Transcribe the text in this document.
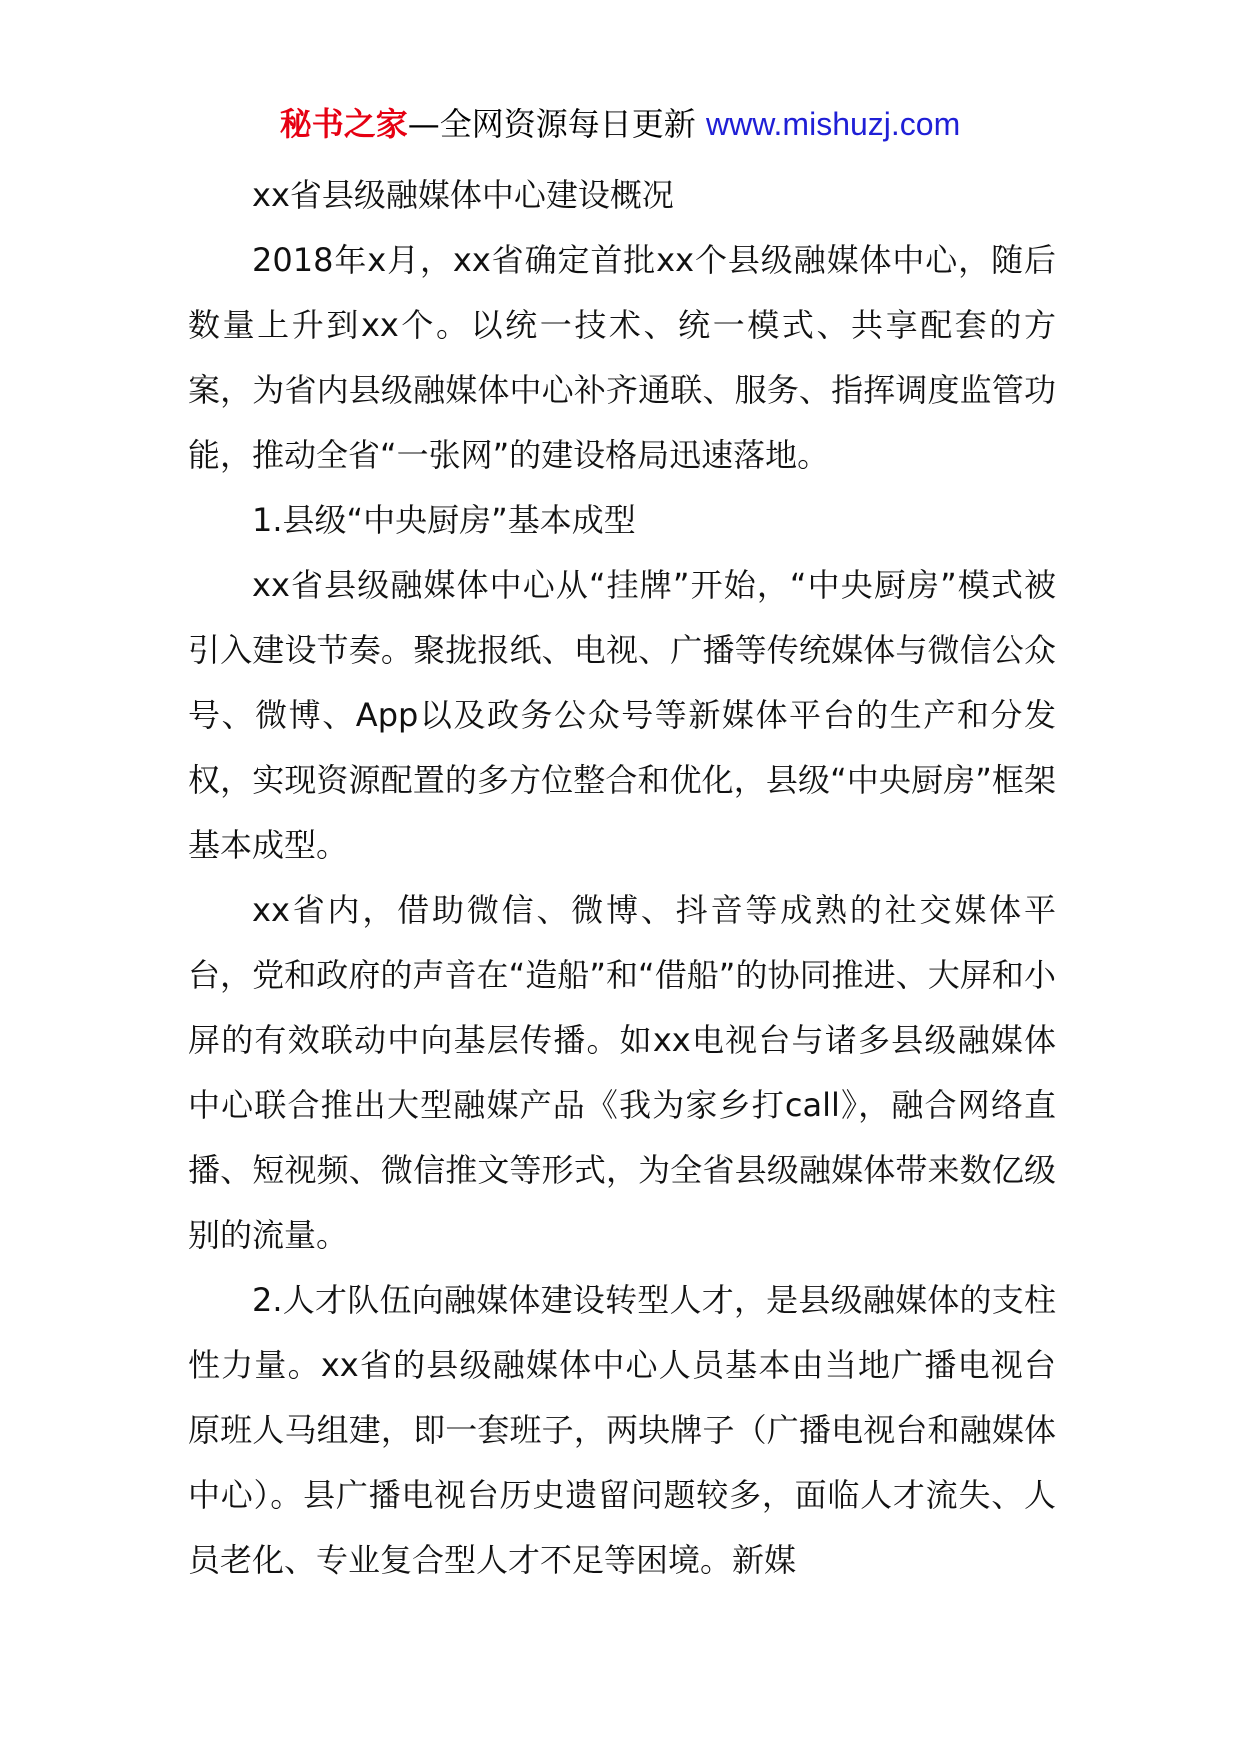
秘书之家—全网资源每日更新 www.mishuzj.com

xx省县级融媒体中心建设概况

2018年x月，xx省确定首批xx个县级融媒体中心，随后数量上升到xx个。以统一技术、统一模式、共享配套的方案，为省内县级融媒体中心补齐通联、服务、指挥调度监管功能，推动全省“一张网”的建设格局迅速落地。

1.县级“中央厨房”基本成型

xx省县级融媒体中心从“挂牌”开始，“中央厨房”模式被引入建设节奏。聚拢报纸、电视、广播等传统媒体与微信公众号、微博、App以及政务公众号等新媒体平台的生产和分发权，实现资源配置的多方位整合和优化，县级“中央厨房”框架基本成型。

xx省内，借助微信、微博、抖音等成熟的社交媒体平台，党和政府的声音在“造船”和“借船”的协同推进、大屏和小屏的有效联动中向基层传播。如xx电视台与诸多县级融媒体中心联合推出大型融媒产品《我为家乡打call》，融合网络直播、短视频、微信推文等形式，为全省县级融媒体带来数亿级别的流量。

2.人才队伍向融媒体建设转型人才，是县级融媒体的支柱性力量。xx省的县级融媒体中心人员基本由当地广播电视台原班人马组建，即一套班子，两块牌子（广播电视台和融媒体中心）。县广播电视台历史遗留问题较多，面临人才流失、人员老化、专业复合型人才不足等困境。新媒
